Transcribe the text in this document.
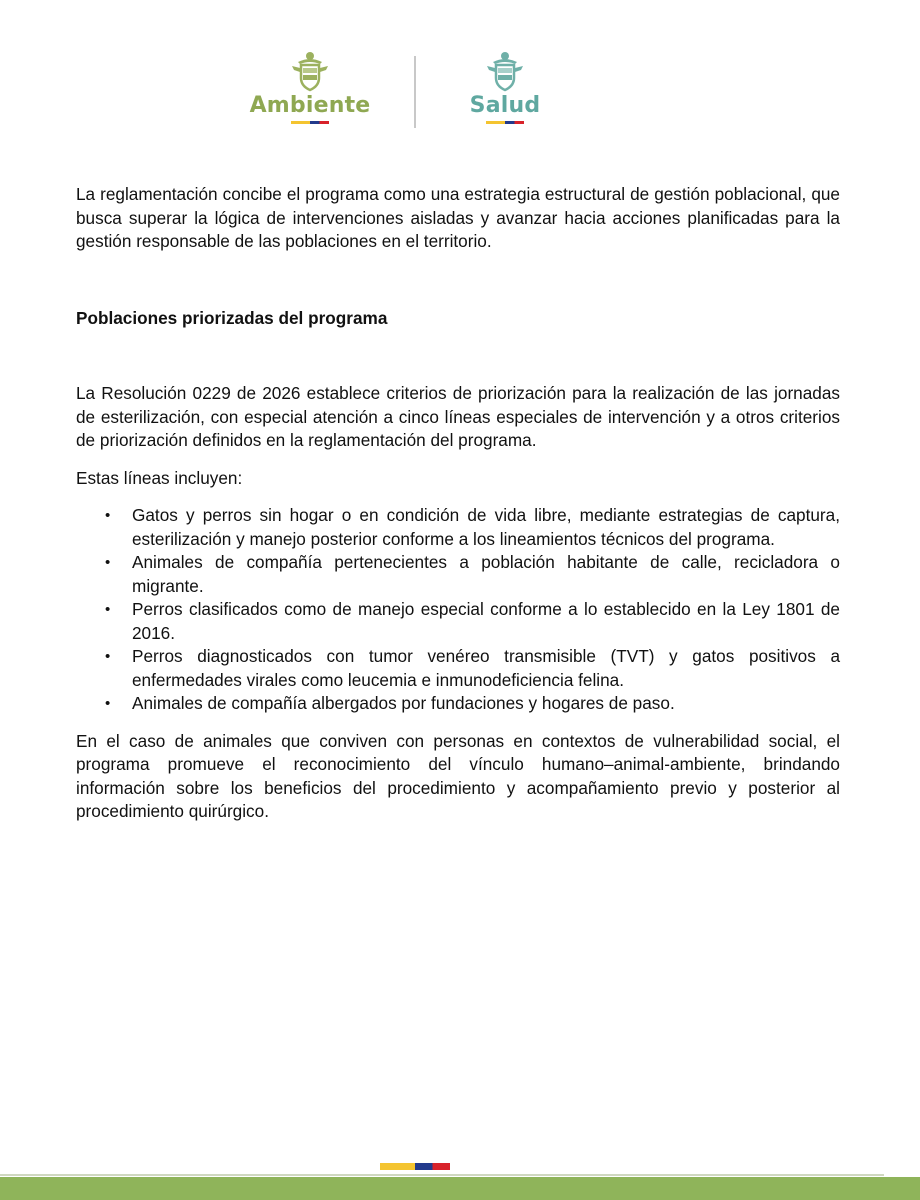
Ambiente	Salud

La reglamentación concibe el programa como una estrategia estructural de gestión poblacional, que busca superar la lógica de intervenciones aisladas y avanzar hacia acciones planificadas para la gestión responsable de las poblaciones en el territorio.

Poblaciones priorizadas del programa

La Resolución 0229 de 2026 establece criterios de priorización para la realización de las jornadas de esterilización, con especial atención a cinco líneas especiales de intervención y a otros criterios de priorización definidos en la reglamentación del programa.

Estas líneas incluyen:

• Gatos y perros sin hogar o en condición de vida libre, mediante estrategias de captura, esterilización y manejo posterior conforme a los lineamientos técnicos del programa.
• Animales de compañía pertenecientes a población habitante de calle, recicladora o migrante.
• Perros clasificados como de manejo especial conforme a lo establecido en la Ley 1801 de 2016.
• Perros diagnosticados con tumor venéreo transmisible (TVT) y gatos positivos a enfermedades virales como leucemia e inmunodeficiencia felina.
• Animales de compañía albergados por fundaciones y hogares de paso.

En el caso de animales que conviven con personas en contextos de vulnerabilidad social, el programa promueve el reconocimiento del vínculo humano–animal-ambiente, brindando información sobre los beneficios del procedimiento y acompañamiento previo y posterior al procedimiento quirúrgico.
